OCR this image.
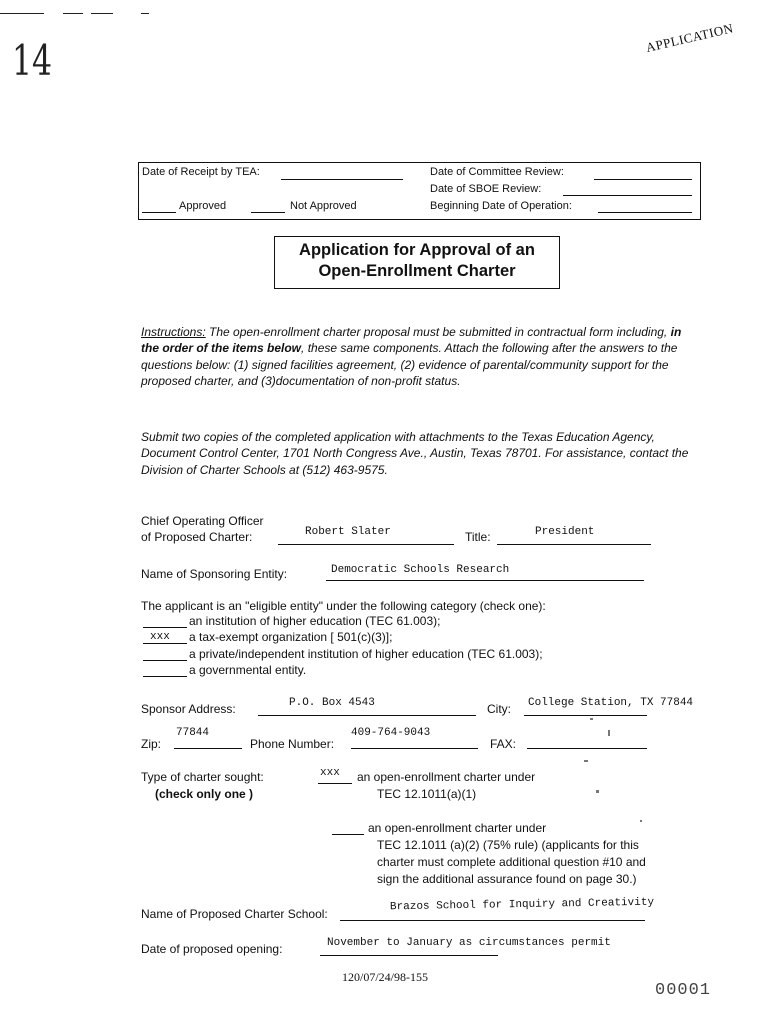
14	APPLICATION
Date of Receipt by TEA:
Approved	Not Approved
Date of Committee Review:
Date of SBOE Review:
Beginning Date of Operation:
Application for Approval of an
Open-Enrollment Charter
Instructions: The open-enrollment charter proposal must be submitted in contractual form including, in the order of the items below, these same components. Attach the following after the answers to the questions below: (1) signed facilities agreement, (2) evidence of parental/community support for the proposed charter, and (3)documentation of non-profit status.
Submit two copies of the completed application with attachments to the Texas Education Agency, Document Control Center, 1701 North Congress Ave., Austin, Texas 78701. For assistance, contact the Division of Charter Schools at (512) 463-9575.
Chief Operating Officer
of Proposed Charter:	Robert Slater	Title:	President
Name of Sponsoring Entity:	Democratic Schools Research
The applicant is an "eligible entity" under the following category (check one):
an institution of higher education (TEC 61.003);
xxx a tax-exempt organization [ 501(c)(3)];
a private/independent institution of higher education (TEC 61.003);
a governmental entity.
Sponsor Address:	P.O. Box 4543	City: College Station, TX 77844
Zip:
77844
Phone Number:
409-764-9043
FAX:
Type of charter sought:
(check only one )
xxx an open-enrollment charter under
TEC 12.1011(a)(1)
an open-enrollment charter under
TEC 12.1011 (a)(2) (75% rule) (applicants for this
charter must complete additional question #10 and
sign the additional assurance found on page 30.)
Name of Proposed Charter School:
Brazos School for Inquiry and Creativity
Date of proposed opening:	November to January as circumstances permit
120/07/24/98-155
00001
